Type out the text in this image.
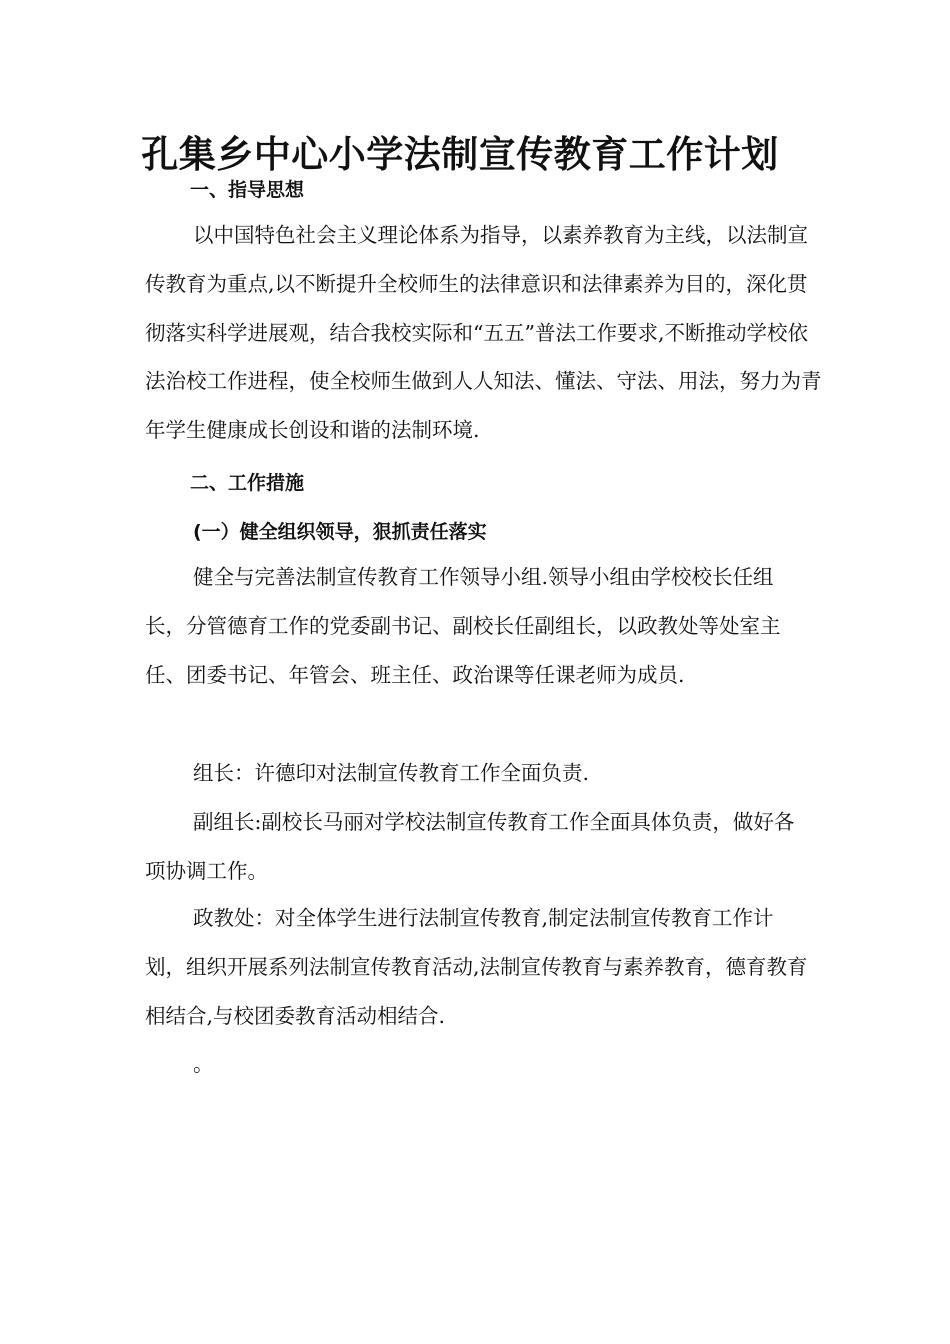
孔集乡中心小学法制宣传教育工作计划
一、指导思想
以中国特色社会主义理论体系为指导，以素养教育为主线，以法制宣传教育为重点,以不断提升全校师生的法律意识和法律素养为目的，深化贯彻落实科学进展观，结合我校实际和“五五”普法工作要求,不断推动学校依法治校工作进程，使全校师生做到人人知法、懂法、守法、用法，努力为青年学生健康成长创设和谐的法制环境.
二、工作措施
(一）健全组织领导，狠抓责任落实
健全与完善法制宣传教育工作领导小组.领导小组由学校校长任组长，分管德育工作的党委副书记、副校长任副组长，以政教处等处室主任、团委书记、年管会、班主任、政治课等任课老师为成员.
组长：许德印对法制宣传教育工作全面负责.
副组长:副校长马丽对学校法制宣传教育工作全面具体负责，做好各项协调工作。
政教处：对全体学生进行法制宣传教育,制定法制宣传教育工作计划，组织开展系列法制宣传教育活动,法制宣传教育与素养教育，德育教育相结合,与校团委教育活动相结合.
。
